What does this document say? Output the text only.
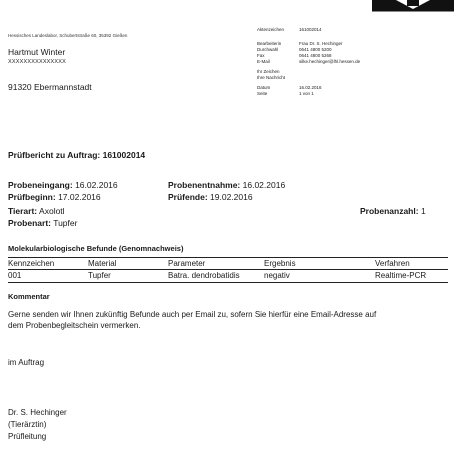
Hessisches Landeslabor, Schubertstraße 60, 35392 Gießen
Hartmut Winter
XXXXXXXXXXXXXXX
91320 Ebermannstadt
Aktenzeichen	161002014
Bearbeiterin	Frau Dr. S. Hechinger
Durchwahl	0641 4800 5200
Fax	0641 4800 5268
E-Mail	silke.hechinger@lhl.hessen.de
Ihr Zeichen
Ihre Nachricht
Datum	16.02.2016
Seite	1 von 1
Prüfbericht zu Auftrag: 161002014
Probeneingang: 16.02.2016	Probenentnahme: 16.02.2016
Prüfbeginn: 17.02.2016	Prüfende: 19.02.2016
Tierart: Axolotl
Probenart: Tupfer
Probenanzahl: 1
Molekularbiologische Befunde (Genomnachweis)
Kennzeichen	Material	Parameter	Ergebnis	Verfahren
001	Tupfer	Batra. dendrobatidis	negativ	Realtime-PCR
Kommentar
Gerne senden wir Ihnen zukünftig Befunde auch per Email zu, sofern Sie hierfür eine Email-Adresse auf
dem Probenbegleitschein vermerken.
im Auftrag
Dr. S. Hechinger
(Tierärztin)
Prüfleitung
